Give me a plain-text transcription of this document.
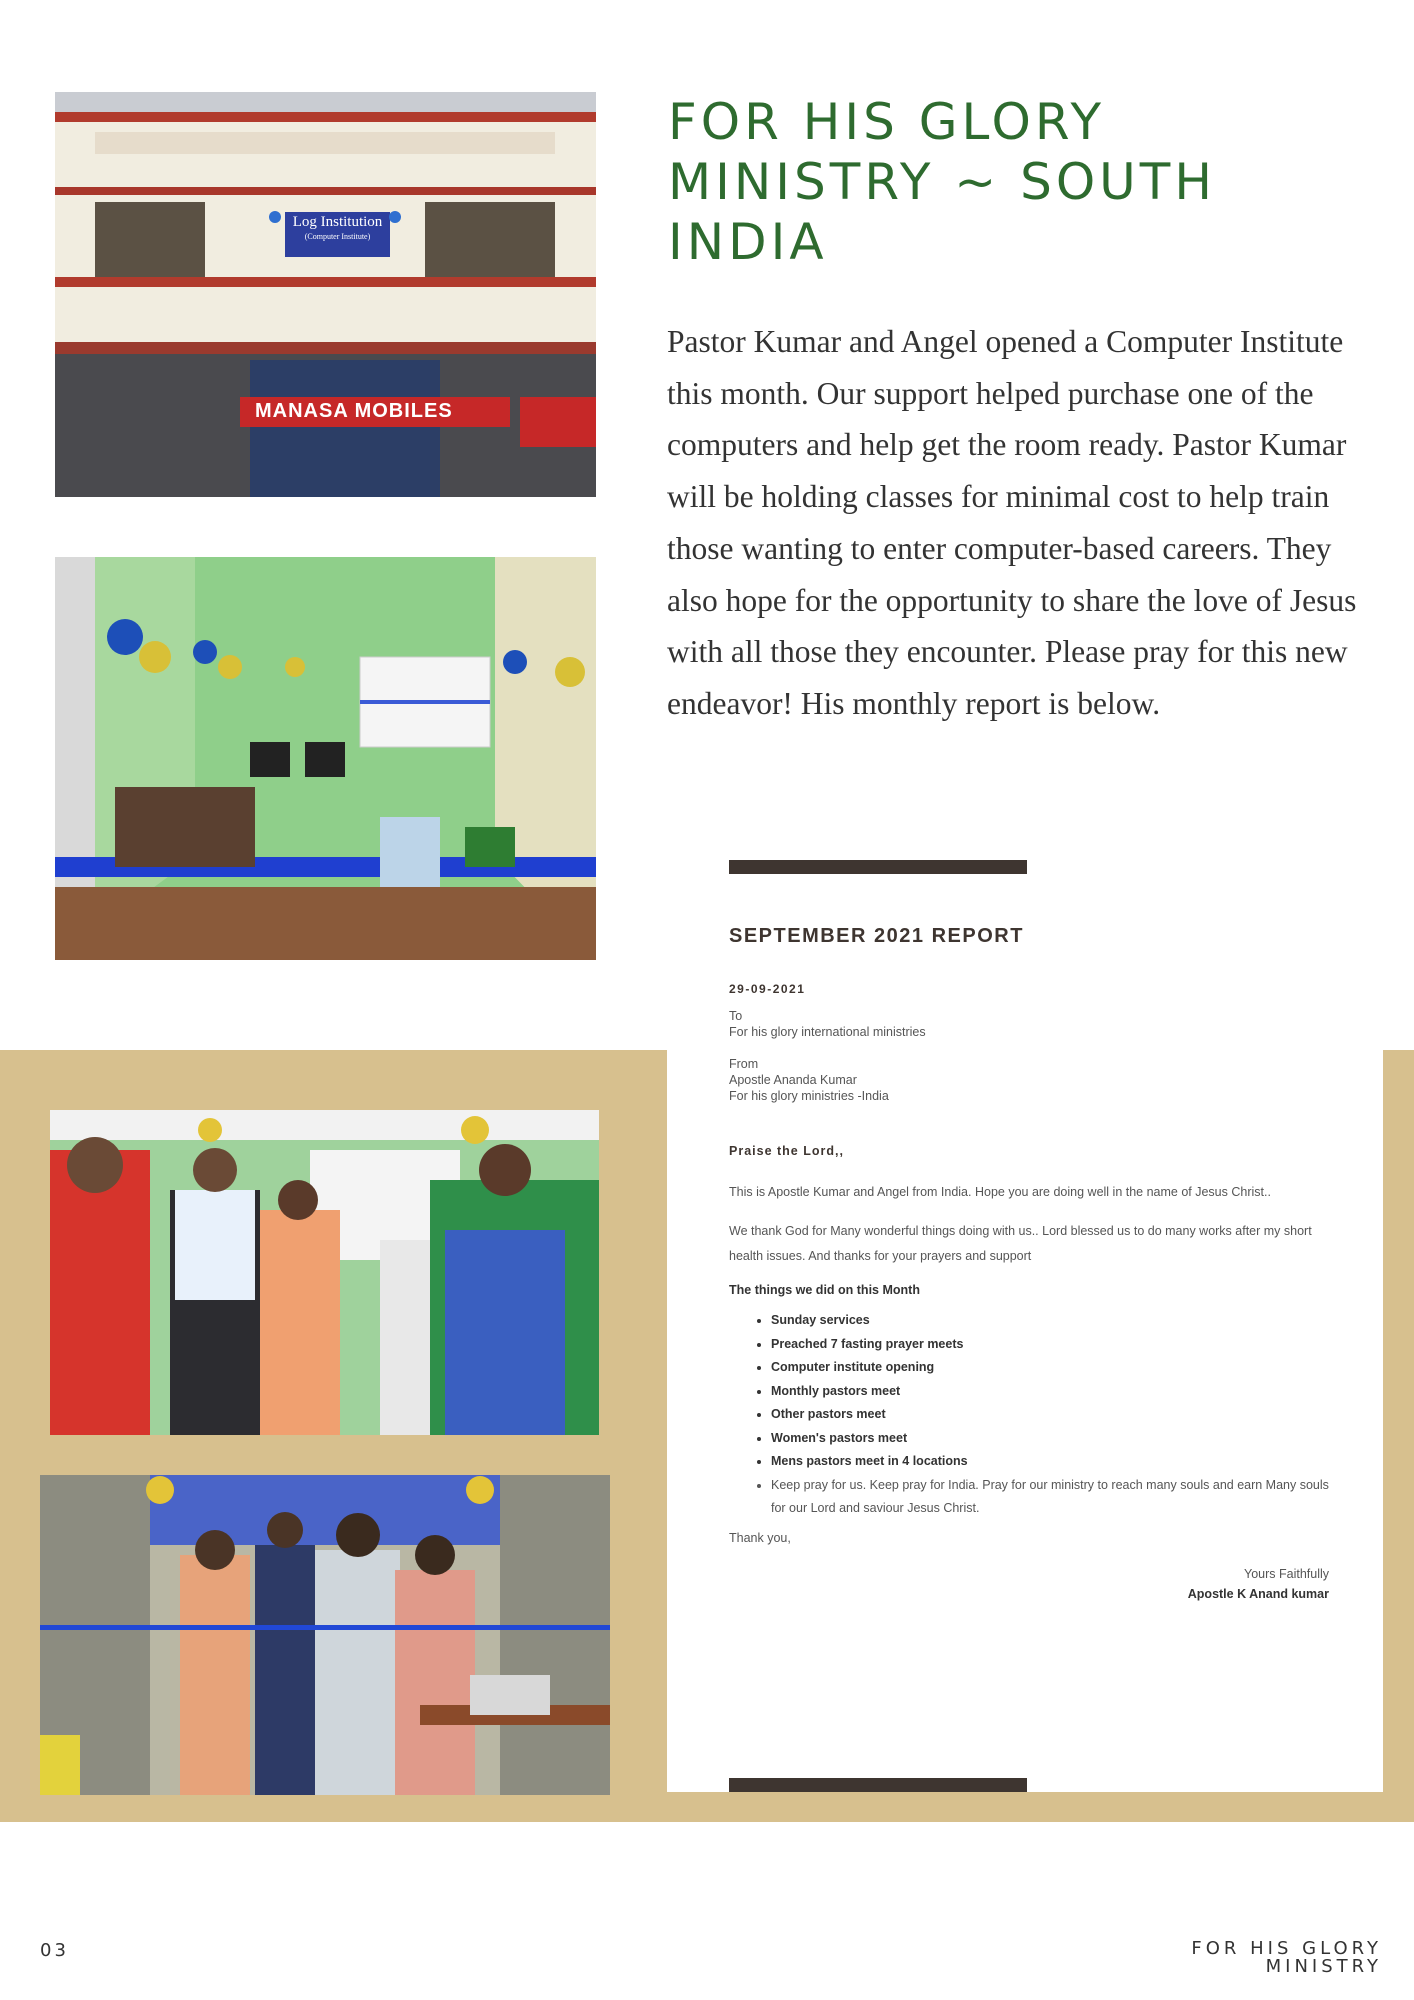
Log Institution
(Computer Institute)
MANASA MOBILES
FOR HIS GLORY MINISTRY ~ SOUTH INDIA

Pastor Kumar and Angel opened a Computer Institute this month. Our support helped purchase one of the computers and help get the room ready. Pastor Kumar will be holding classes for minimal cost to help train those wanting to enter computer-based careers. They also hope for the opportunity to share the love of Jesus with all those they encounter. Please pray for this new endeavor! His monthly report is below.

SEPTEMBER 2021 REPORT

29-09-2021

To

For his glory international ministries

From

Apostle Ananda Kumar

For his glory ministries -India

Praise the Lord,,

This is Apostle Kumar and Angel from India. Hope you are doing well in the name of Jesus Christ..

We thank God for Many wonderful things doing with us.. Lord blessed us to do many works after my short health issues. And thanks for your prayers and support

The things we did on this Month

• Sunday services
• Preached 7 fasting prayer meets
• Computer institute opening
• Monthly pastors meet
• Other pastors meet
• Women's pastors meet
• Mens pastors meet in 4 locations
• Keep pray for us. Keep pray for India. Pray for our ministry to reach many souls and earn Many souls for our Lord and saviour Jesus Christ.

Thank you,

Yours Faithfully

Apostle K Anand kumar

03	FOR HIS GLORY
MINISTRY
